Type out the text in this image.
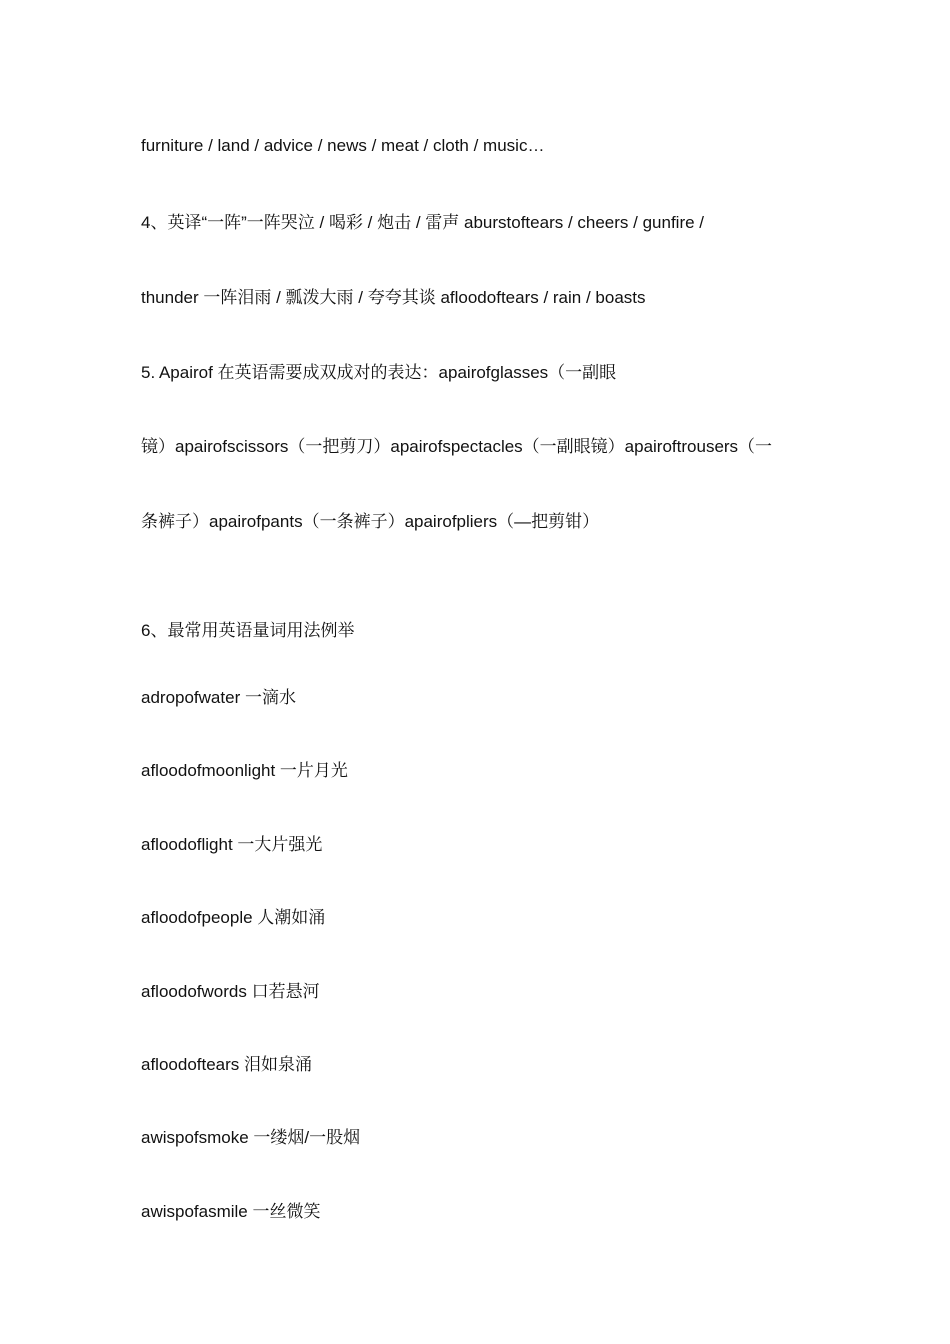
furniture / land / advice / news / meat / cloth / music…
4、英译“一阵”一阵哭泣 / 喝彩 / 炮击 / 雷声 aburstoftears / cheers / gunfire /
thunder 一阵泪雨 / 瓢泼大雨 / 夸夸其谈 afloodoftears / rain / boasts
5. Apairof 在英语需要成双成对的表达：apairofglasses（一副眼
镜）apairofscissors（一把剪刀）apairofspectacles（一副眼镜）apairoftrousers（一
条裤子）apairofpants（一条裤子）apairofpliers（—把剪钳）
6、最常用英语量词用法例举
adropofwater 一滴水
afloodofmoonlight 一片月光
afloodoflight 一大片强光
afloodofpeople 人潮如涌
afloodofwords 口若悬河
afloodoftears 泪如泉涌
awispofsmoke 一缕烟/一股烟
awispofasmile 一丝微笑
